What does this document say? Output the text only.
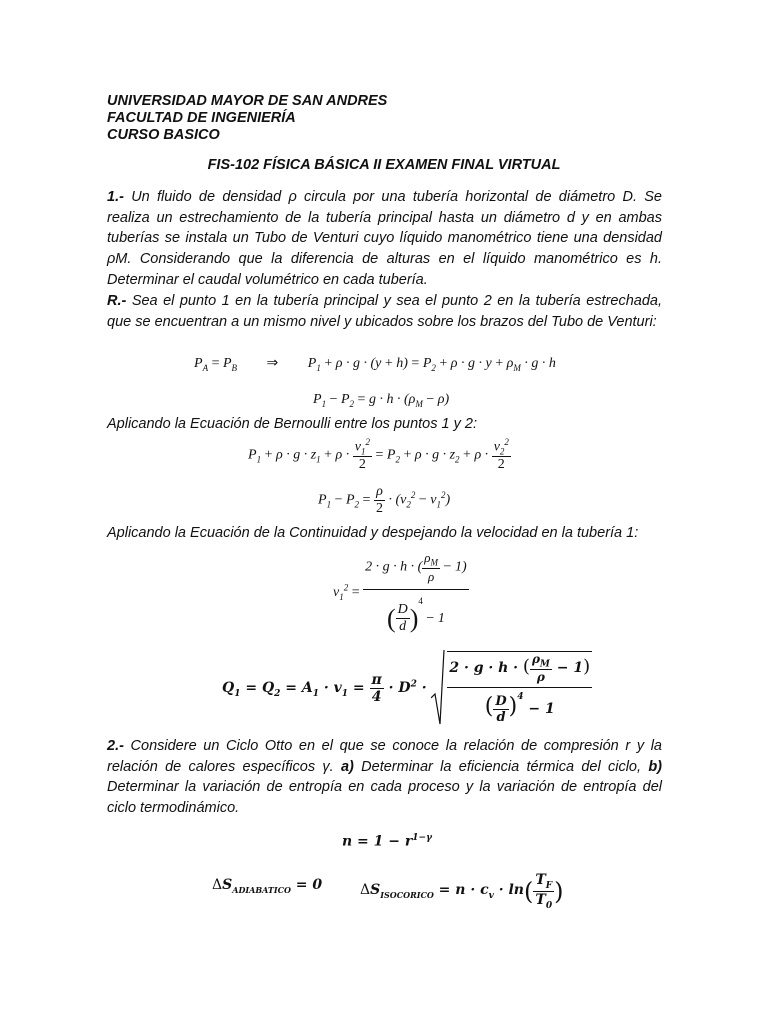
UNIVERSIDAD MAYOR DE SAN ANDRES
FACULTAD DE INGENIERÍA
CURSO BASICO
FIS-102 FÍSICA BÁSICA II EXAMEN FINAL VIRTUAL
1.- Un fluido de densidad ρ circula por una tubería horizontal de diámetro D. Se realiza un estrechamiento de la tubería principal hasta un diámetro d y en ambas tuberías se instala un Tubo de Venturi cuyo líquido manométrico tiene una densidad ρM. Considerando que la diferencia de alturas en el líquido manométrico es h. Determinar el caudal volumétrico en cada tubería.
R.- Sea el punto 1 en la tubería principal y sea el punto 2 en la tubería estrechada, que se encuentran a un mismo nivel y ubicados sobre los brazos del Tubo de Venturi:
$P_A = P_B$ ⇒ $P_1 + \rho \cdot g \cdot (y + h) = P_2 + \rho \cdot g \cdot y + \rho_M \cdot g \cdot h$
$P_1 - P_2 = g \cdot h \cdot (\rho_M - \rho)$
Aplicando la Ecuación de Bernoulli entre los puntos 1 y 2:
$P_1 + \rho \cdot g \cdot z_1 + \rho \cdot \frac{v_1^2}{2} = P_2 + \rho \cdot g \cdot z_2 + \rho \cdot \frac{v_2^2}{2}$
$P_1 - P_2 = \frac{\rho}{2} \cdot (v_2^2 - v_1^2)$
Aplicando la Ecuación de la Continuidad y despejando la velocidad en la tubería 1:
$v_1^2 = \frac{2 \cdot g \cdot h \cdot ( \frac{\rho_M}{\rho} - 1)}{( \frac{D}{d} )^4 - 1}$
$Q_1 = Q_2 = A_1 \cdot v_1 = \frac{\pi}{4} \cdot D^2 \cdot \frac{2 \cdot g \cdot h \cdot ( \frac{\rho_M}{\rho} - 1)}{( \frac{D}{d} )^4 - 1}$
2.- Considere un Ciclo Otto en el que se conoce la relación de compresión r y la relación de calores específicos γ. a) Determinar la eficiencia térmica del ciclo, b) Determinar la variación de entropía en cada proceso y la variación de entropía del ciclo termodinámico.
$n = 1 - r^{1-\gamma}$
$\Delta S_{ADIABATICO} = 0$	$\Delta S_{ISOCORICO} = n \cdot c_v \cdot \ln( \frac{T_F}{T_0}$ )
